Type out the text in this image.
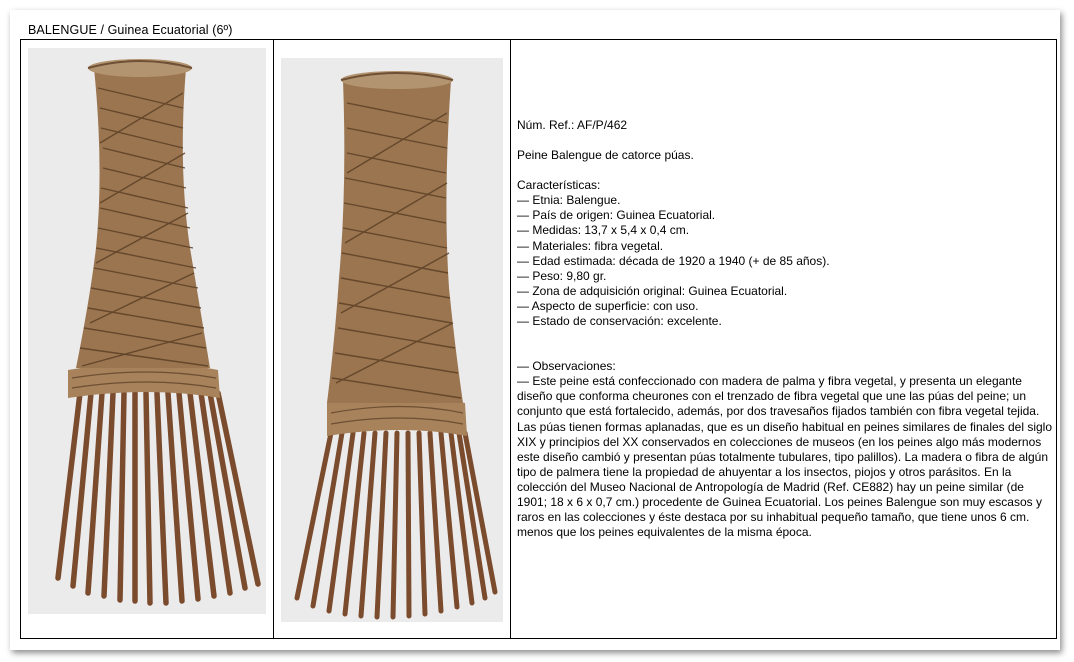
BALENGUE / Guinea Ecuatorial (6º)

Núm. Ref.: AF/P/462

Peine Balengue de catorce púas.

Características:

— Etnia: Balengue.

— País de origen: Guinea Ecuatorial.

— Medidas: 13,7 x 5,4 x 0,4 cm.

— Materiales: fibra vegetal.

— Edad estimada: década de 1920 a 1940 (+ de 85 años).

— Peso: 9,80 gr.

— Zona de adquisición original: Guinea Ecuatorial.

— Aspecto de superficie: con uso.

— Estado de conservación: excelente.

— Observaciones:

— Este peine está confeccionado con madera de palma y fibra vegetal, y presenta un elegante diseño que conforma cheurones con el trenzado de fibra vegetal que une las púas del peine; un conjunto que está fortalecido, además, por dos travesaños fijados también con fibra vegetal tejida. Las púas tienen formas aplanadas, que es un diseño habitual en peines similares de finales del siglo XIX y principios del XX conservados en colecciones de museos (en los peines algo más modernos este diseño cambió y presentan púas totalmente tubulares, tipo palillos). La madera o fibra de algún tipo de palmera tiene la propiedad de ahuyentar a los insectos, piojos y otros parásitos. En la colección del Museo Nacional de Antropología de Madrid (Ref. CE882) hay un peine similar (de 1901; 18 x 6 x 0,7 cm.) procedente de Guinea Ecuatorial. Los peines Balengue son muy escasos y raros en las colecciones y éste destaca por su inhabitual pequeño tamaño, que tiene unos 6 cm. menos que los peines equivalentes de la misma época.
